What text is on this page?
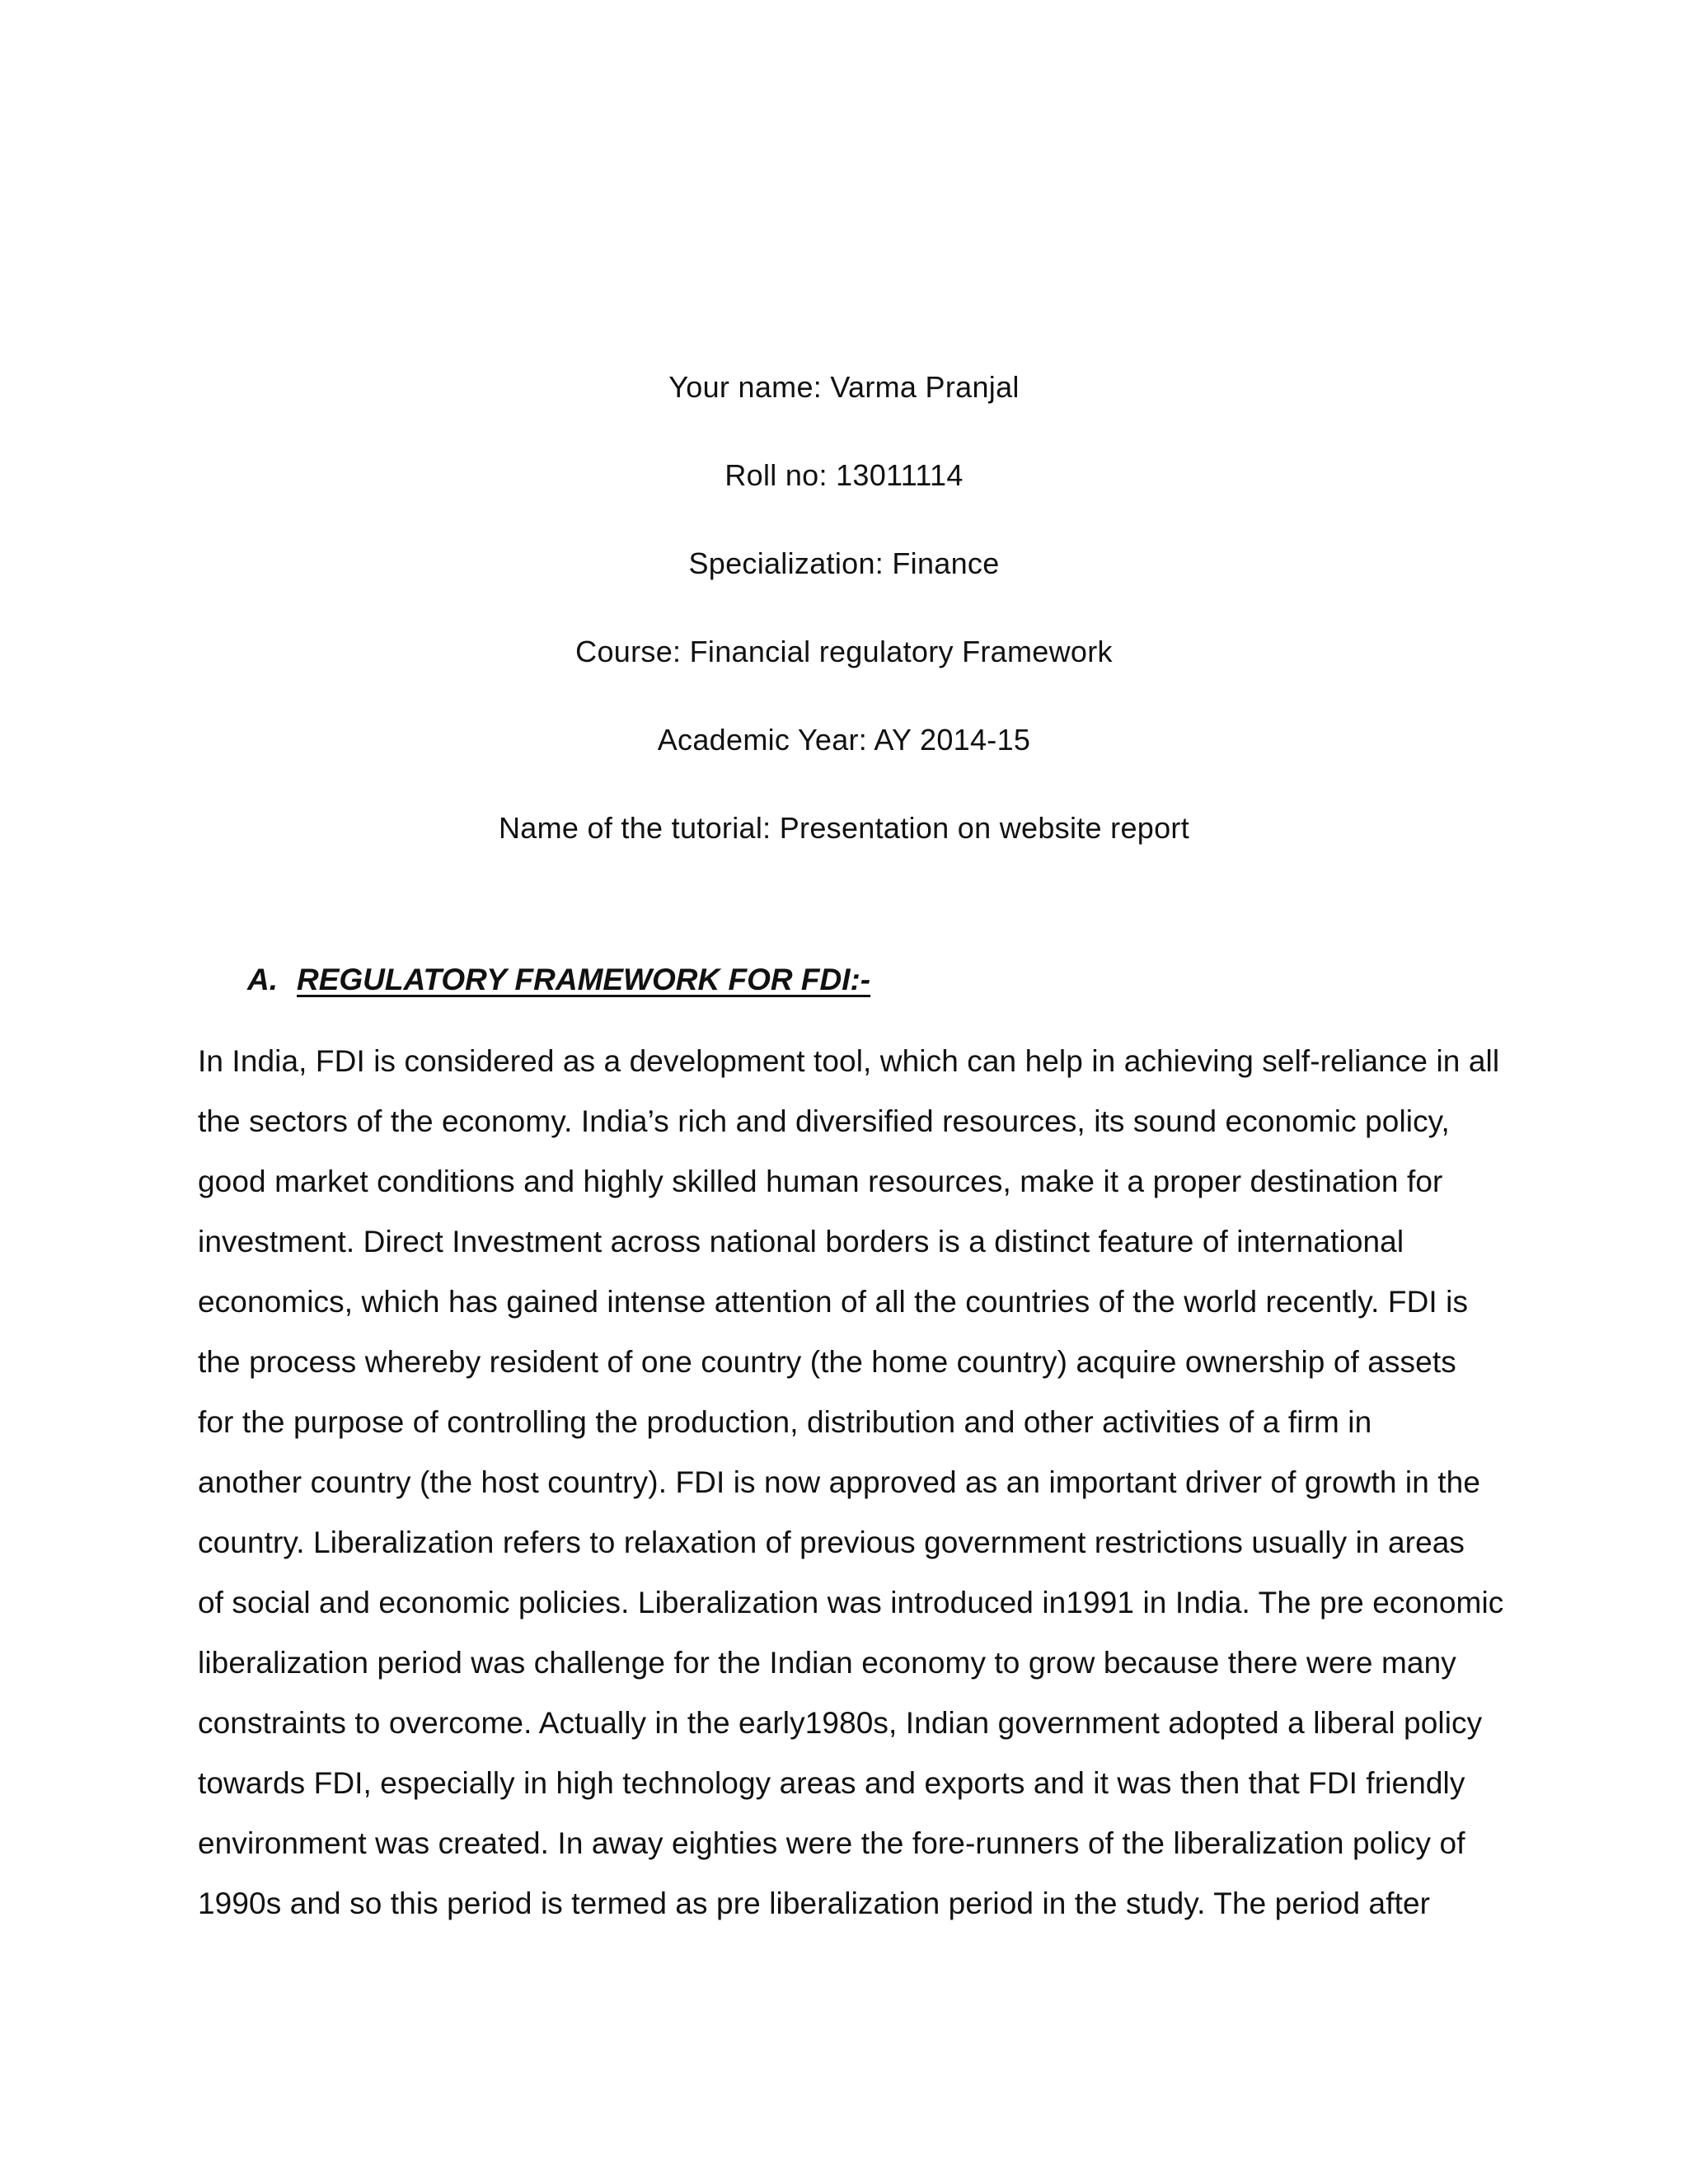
Your name: Varma Pranjal
Roll no: 13011114
Specialization: Finance
Course: Financial regulatory Framework
Academic Year: AY 2014-15
Name of the tutorial: Presentation on website report
A. REGULATORY FRAMEWORK FOR FDI:-
In India, FDI is considered as a development tool, which can help in achieving self-reliance in all
the sectors of the economy. India’s rich and diversified resources, its sound economic policy,
good market conditions and highly skilled human resources, make it a proper destination for
investment. Direct Investment across national borders is a distinct feature of international
economics, which has gained intense attention of all the countries of the world recently. FDI is
the process whereby resident of one country (the home country) acquire ownership of assets
for the purpose of controlling the production, distribution and other activities of a firm in
another country (the host country). FDI is now approved as an important driver of growth in the
country. Liberalization refers to relaxation of previous government restrictions usually in areas
of social and economic policies. Liberalization was introduced in1991 in India. The pre economic
liberalization period was challenge for the Indian economy to grow because there were many
constraints to overcome. Actually in the early1980s, Indian government adopted a liberal policy
towards FDI, especially in high technology areas and exports and it was then that FDI friendly
environment was created. In away eighties were the fore-runners of the liberalization policy of
1990s and so this period is termed as pre liberalization period in the study. The period after
